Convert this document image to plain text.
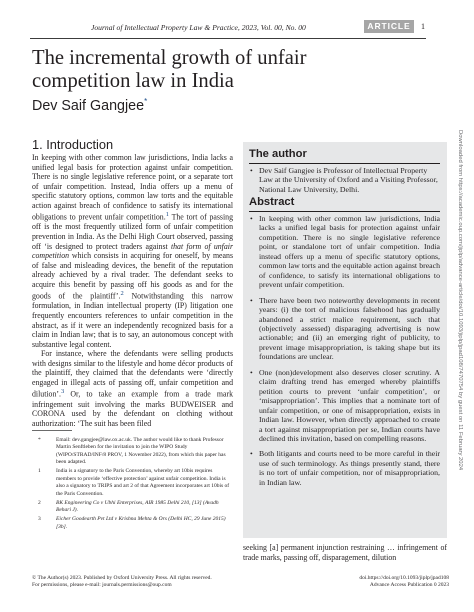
Journal of Intellectual Property Law & Practice, 2023, Vol. 00, No. 00	ARTICLE	1
The incremental growth of unfair competition law in India
Dev Saif Gangjee*
1. Introduction

In keeping with other common law jurisdictions, India lacks a unified legal basis for protection against unfair competition. There is no single legislative reference point, or a separate tort of unfair competition. Instead, India offers up a menu of specific statutory options, common law torts and the equitable action against breach of confidence to satisfy its international obligations to prevent unfair competition.$^1$ The tort of passing off is the most frequently utilized form of unfair competition prevention in India. As the Delhi High Court observed, passing off ‘is designed to protect traders against that form of unfair competition which consists in acquiring for oneself, by means of false and misleading devices, the benefit of the reputation already achieved by a rival trader. The defendant seeks to acquire this benefit by passing off his goods as and for the goods of the plaintiff’.$^2$ Notwithstanding this narrow formulation, in Indian intellectual property (IP) litigation one frequently encounters references to unfair competition in the abstract, as if it were an independently recognized basis for a claim in Indian law; that is to say, an autonomous concept with substantive legal content.

For instance, where the defendants were selling products with designs similar to the lifestyle and home décor products of the plaintiff, they claimed that the defendants were ‘directly engaged in illegal acts of passing off, unfair competition and dilution’.$^3$ Or, to take an example from a trade mark infringement suit involving the marks BUDWEISER and CORONA used by the defendant on clothing without authorization: ‘The suit has been filed

*	Email: dev.gangjee@law.ox.ac.uk. The author would like to thank Professor Martin Senftleben for the invitation to join the WIPO Study (WIPO/STRAD/INF/8 PROV, 1 November 2022), from which this paper has been adapted.
1	India is a signatory to the Paris Convention, whereby art 10bis requires members to provide ‘effective protection’ against unfair competition. India is also a signatory to TRIPS and art 2 of that Agreement incorporates art 10bis of the Paris Convention.
2	BK Engineering Co v Ubhi Enterprises, AIR 1985 Delhi 210, [13] (Avadh Behari J).
3	Eicher Goodearth Pvt Ltd v Krishna Mehta & Ors (Delhi HC, 29 June 2015) [3b].
The author
• Dev Saif Gangjee is Professor of Intellectual Property Law at the University of Oxford and a Visiting Professor, National Law University, Delhi.
Abstract
• In keeping with other common law jurisdictions, India lacks a unified legal basis for protection against unfair competition. There is no single legislative reference point, or standalone tort of unfair competition. India instead offers up a menu of specific statutory options, common law torts and the equitable action against breach of confidence, to satisfy its international obligations to prevent unfair competition.
• There have been two noteworthy developments in recent years: (i) the tort of malicious falsehood has gradually abandoned a strict malice requirement, such that (objectively assessed) disparaging advertising is now actionable; and (ii) an emerging right of publicity, to prevent image misappropriation, is taking shape but its foundations are unclear.
• One (non)development also deserves closer scrutiny. A claim drafting trend has emerged whereby plaintiffs petition courts to prevent ‘unfair competition’, or ‘misappropriation’. This implies that a nominate tort of unfair competition, or one of misappropriation, exists in Indian law. However, when directly approached to create a tort against misappropriation per se, Indian courts have declined this invitation, based on compelling reasons.
• Both litigants and courts need to be more careful in their use of such terminology. As things presently stand, there is no tort of unfair competition, nor of misappropriation, in Indian law.
seeking [a] permanent injunction restraining … infringement of trade marks, passing off, disparagement, dilution
© The Author(s) 2023. Published by Oxford University Press. All rights reserved.
For permissions, please e-mail: journals.permissions@oup.com
doi.https://doi.org/10.1093/jiplp/jpad108
Advance Access Publication 0 2023
Downloaded from https://academic.oup.com/jiplp/advance-article/doi/10.1093/jiplp/jpad108/7470754 by guest on 11 February 2024
